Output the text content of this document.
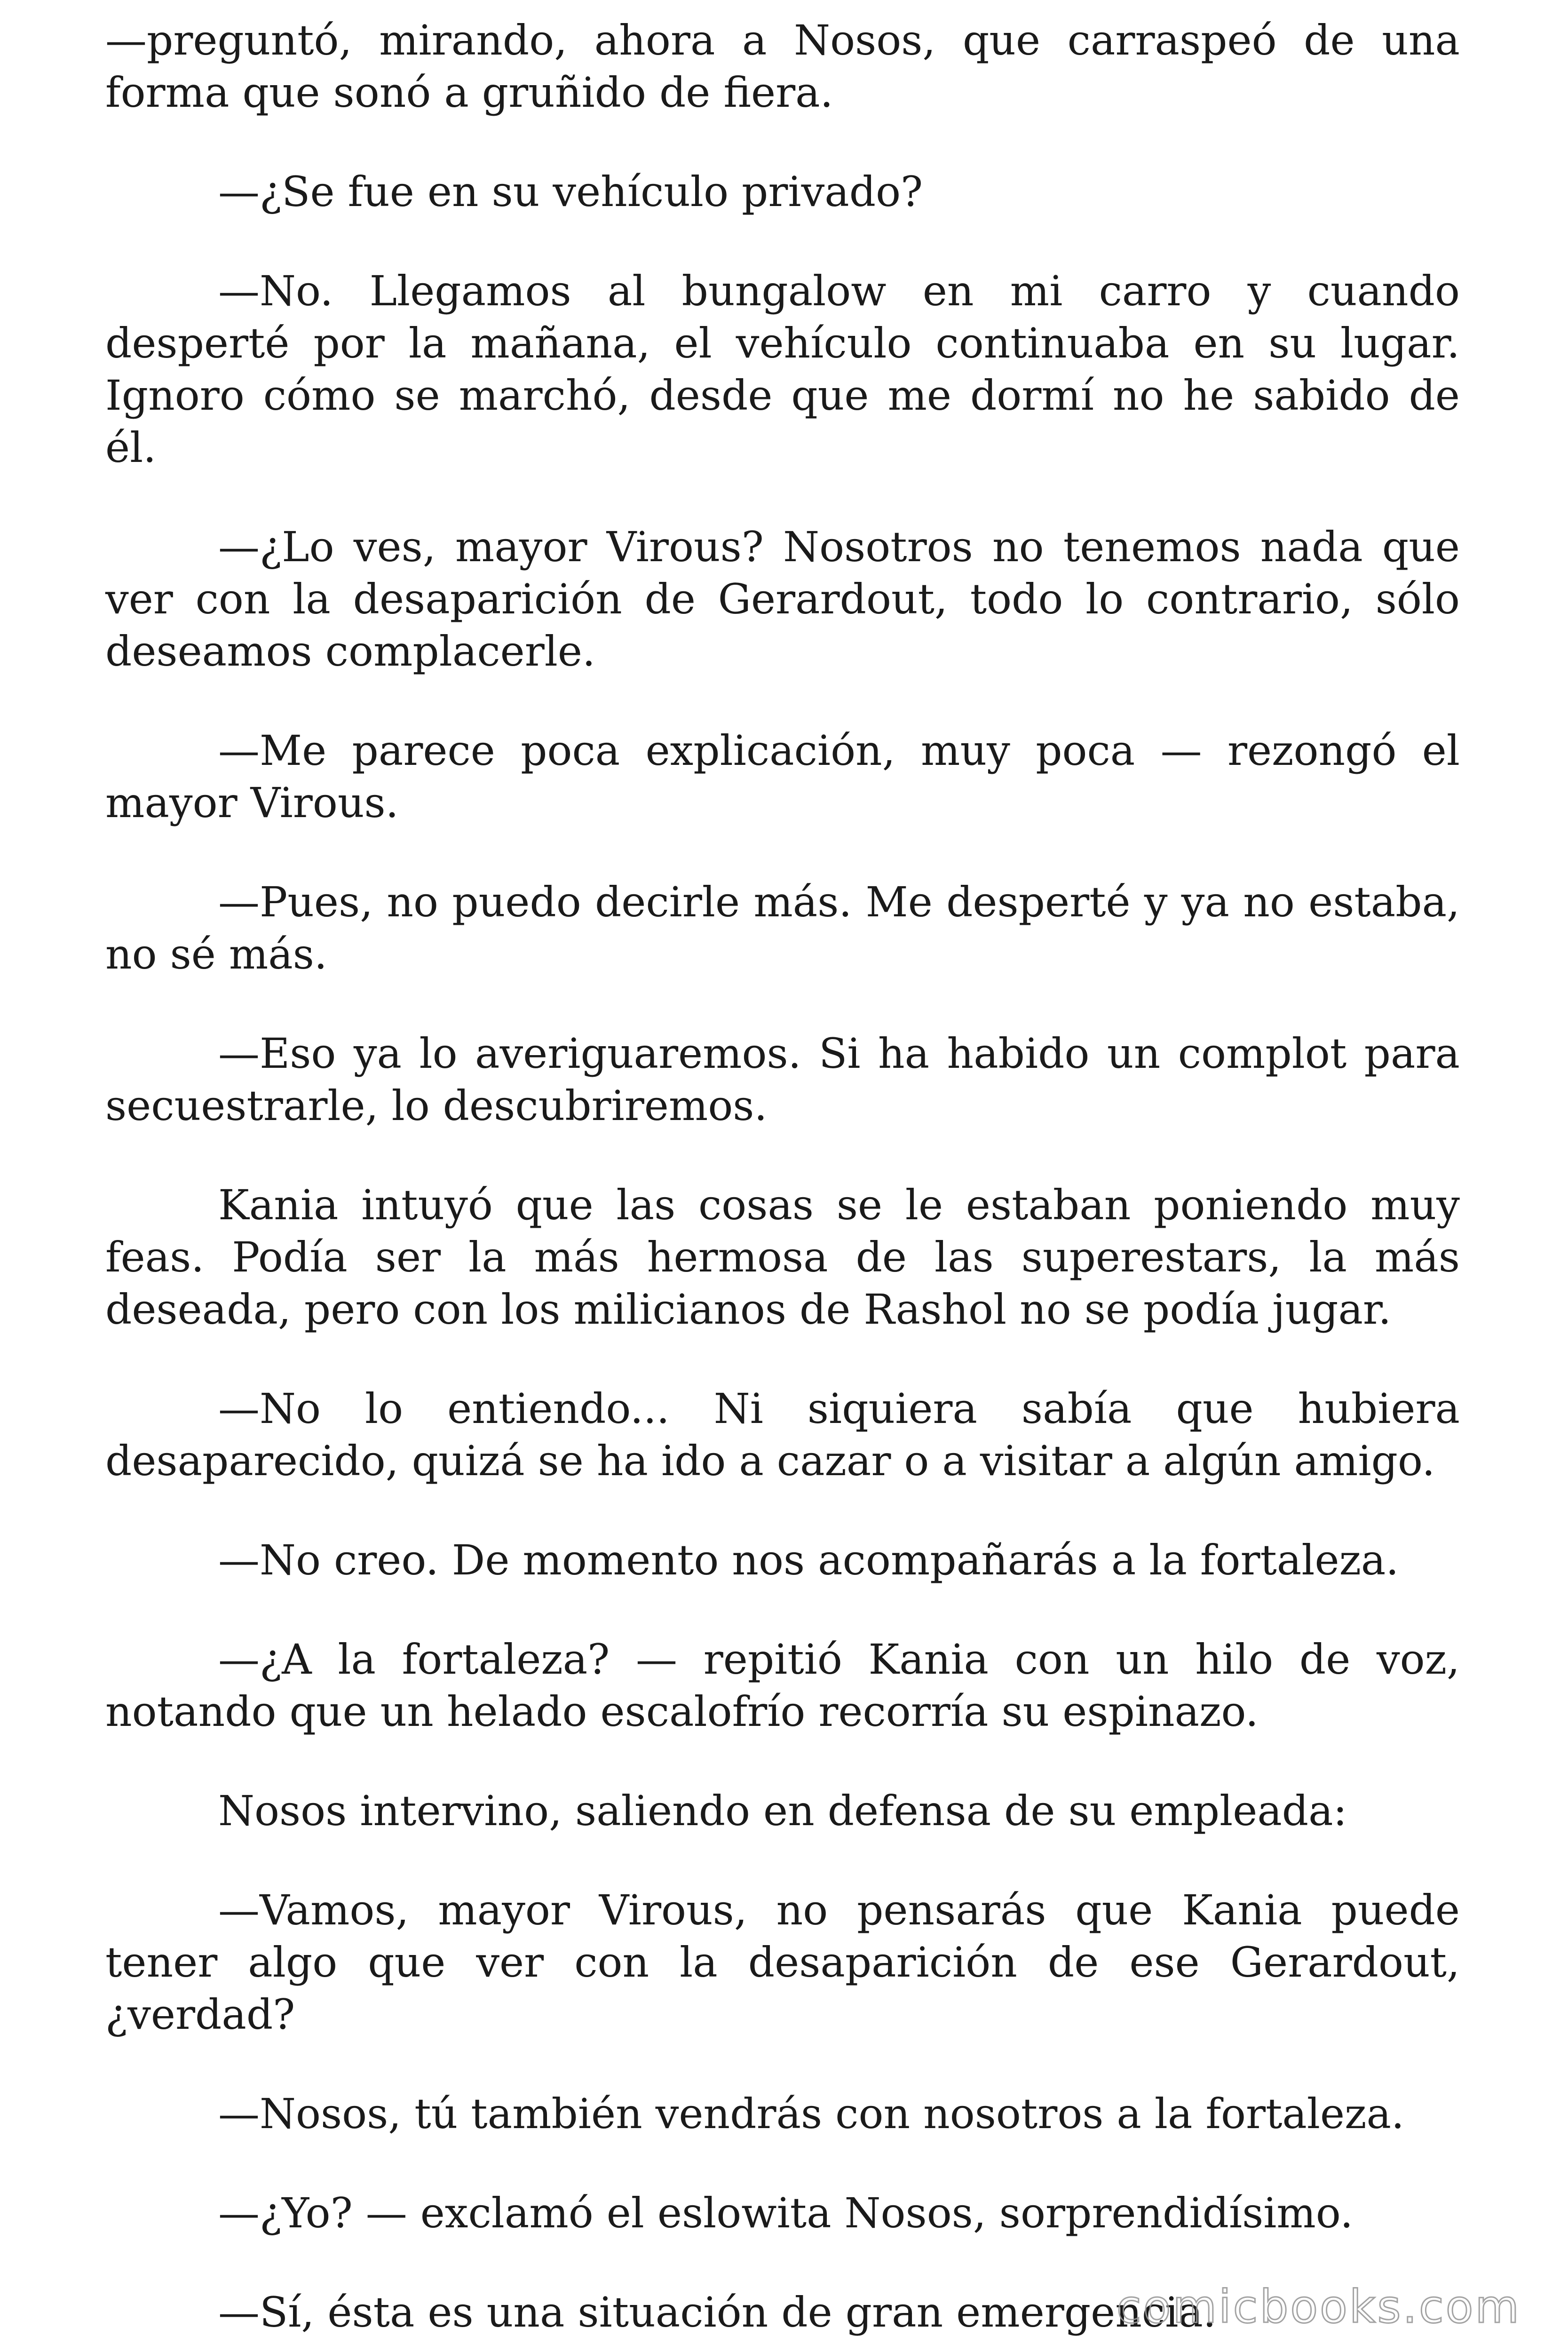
—preguntó, mirando, ahora a Nosos, que carraspeó de una forma que sonó a gruñido de fiera.

—¿Se fue en su vehículo privado?

—No. Llegamos al bungalow en mi carro y cuando desperté por la mañana, el vehículo continuaba en su lugar. Ignoro cómo se marchó, desde que me dormí no he sabido de él.

—¿Lo ves, mayor Virous? Nosotros no tenemos nada que ver con la desaparición de Gerardout, todo lo contrario, sólo deseamos complacerle.

—Me parece poca explicación, muy poca — rezongó el mayor Virous.

—Pues, no puedo decirle más. Me desperté y ya no estaba, no sé más.

—Eso ya lo averiguaremos. Si ha habido un complot para secuestrarle, lo descubriremos.

Kania intuyó que las cosas se le estaban poniendo muy feas. Podía ser la más hermosa de las superestars, la más deseada, pero con los milicianos de Rashol no se podía jugar.

—No lo entiendo... Ni siquiera sabía que hubiera desaparecido, quizá se ha ido a cazar o a visitar a algún amigo.

—No creo. De momento nos acompañarás a la fortaleza.

—¿A la fortaleza? — repitió Kania con un hilo de voz, notando que un helado escalofrío recorría su espinazo.

Nosos intervino, saliendo en defensa de su empleada:

—Vamos, mayor Virous, no pensarás que Kania puede tener algo que ver con la desaparición de ese Gerardout, ¿verdad?

—Nosos, tú también vendrás con nosotros a la fortaleza.

—¿Yo? — exclamó el eslowita Nosos, sorprendidísimo.

—Sí, ésta es una situación de gran emergencia.

comicbooks.com
